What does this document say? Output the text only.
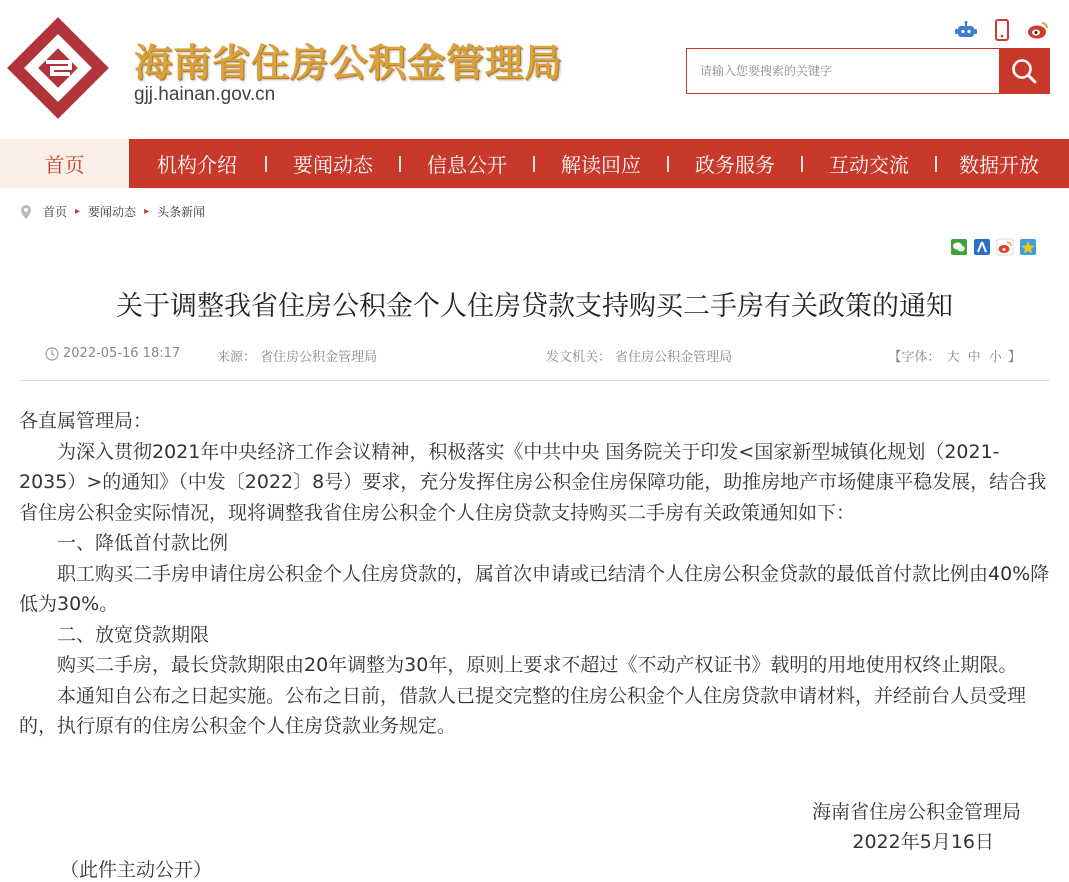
海南省住房公积金管理局
gjj.hainan.gov.cn
请输入您要搜索的关键字
首页	机构介绍	要闻动态	信息公开	解读回应	政务服务	互动交流	数据开放
首页 ▸ 要闻动态 ▸ 头条新闻
关于调整我省住房公积金个人住房贷款支持购买二手房有关政策的通知
2022-05-16 18:17	来源： 省住房公积金管理局	发文机关： 省住房公积金管理局	【字体： 大 中 小 】

各直属管理局：

为深入贯彻2021年中央经济工作会议精神，积极落实《中共中央 国务院关于印发<国家新型城镇化规划（2021-2035）>的通知》（中发〔2022〕8号）要求，充分发挥住房公积金住房保障功能，助推房地产市场健康平稳发展，结合我省住房公积金实际情况，现将调整我省住房公积金个人住房贷款支持购买二手房有关政策通知如下：

一、降低首付款比例

职工购买二手房申请住房公积金个人住房贷款的，属首次申请或已结清个人住房公积金贷款的最低首付款比例由40%降低为30%。

二、放宽贷款期限

购买二手房，最长贷款期限由20年调整为30年，原则上要求不超过《不动产权证书》载明的用地使用权终止期限。

本通知自公布之日起实施。公布之日前，借款人已提交完整的住房公积金个人住房贷款申请材料，并经前台人员受理的，执行原有的住房公积金个人住房贷款业务规定。

海南省住房公积金管理局
2022年5月16日
（此件主动公开）
